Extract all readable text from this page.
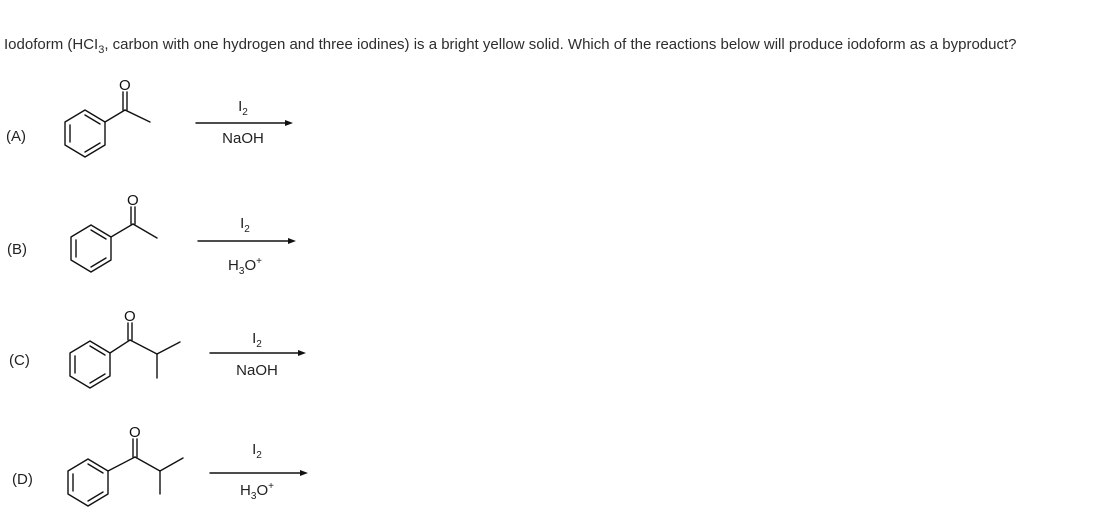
Iodoform ($HCI_3$, carbon with one hydrogen and three iodines) is a bright yellow solid. Which of the reactions below will produce iodoform as a byproduct?
(A)
(B)
(C)
(D)
$I_2$
NaOH
$I_2$
$H_3O^+$
$I_2$
NaOH
$I_2$
$H_3O^+$
O
O
O
O
